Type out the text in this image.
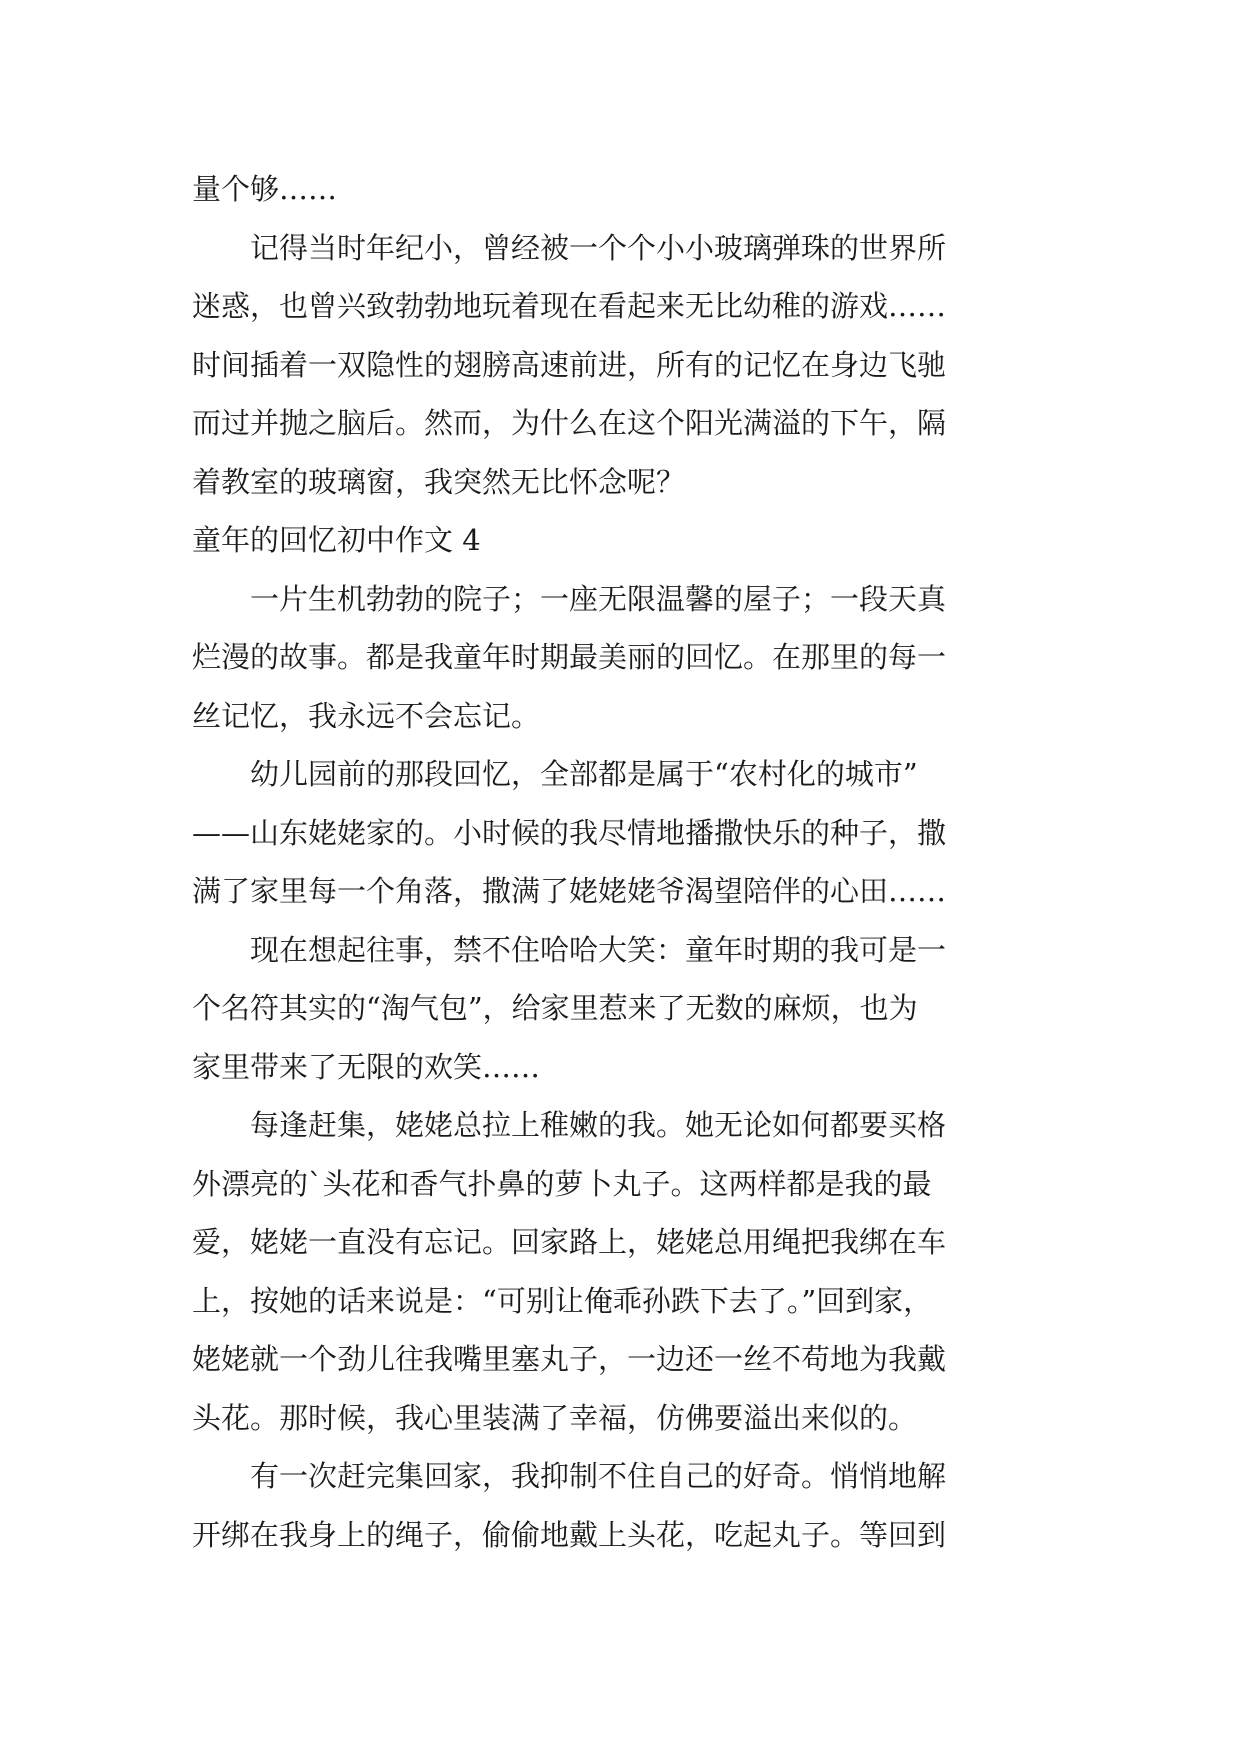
量个够……
　　记得当时年纪小，曾经被一个个小小玻璃弹珠的世界所
迷惑，也曾兴致勃勃地玩着现在看起来无比幼稚的游戏……
时间插着一双隐性的翅膀高速前进，所有的记忆在身边飞驰
而过并抛之脑后。然而，为什么在这个阳光满溢的下午，隔
着教室的玻璃窗，我突然无比怀念呢？
童年的回忆初中作文 4
　　一片生机勃勃的院子；一座无限温馨的屋子；一段天真
烂漫的故事。都是我童年时期最美丽的回忆。在那里的每一
丝记忆，我永远不会忘记。
　　幼儿园前的那段回忆，全部都是属于“农村化的城市”
——山东姥姥家的。小时候的我尽情地播撒快乐的种子，撒
满了家里每一个角落，撒满了姥姥姥爷渴望陪伴的心田……
　　现在想起往事，禁不住哈哈大笑：童年时期的我可是一
个名符其实的“淘气包”，给家里惹来了无数的麻烦，也为
家里带来了无限的欢笑……
　　每逢赶集，姥姥总拉上稚嫩的我。她无论如何都要买格
外漂亮的`头花和香气扑鼻的萝卜丸子。这两样都是我的最
爱，姥姥一直没有忘记。回家路上，姥姥总用绳把我绑在车
上，按她的话来说是：“可别让俺乖孙跌下去了。”回到家，
姥姥就一个劲儿往我嘴里塞丸子，一边还一丝不苟地为我戴
头花。那时候，我心里装满了幸福，仿佛要溢出来似的。
　　有一次赶完集回家，我抑制不住自己的好奇。悄悄地解
开绑在我身上的绳子，偷偷地戴上头花，吃起丸子。等回到
